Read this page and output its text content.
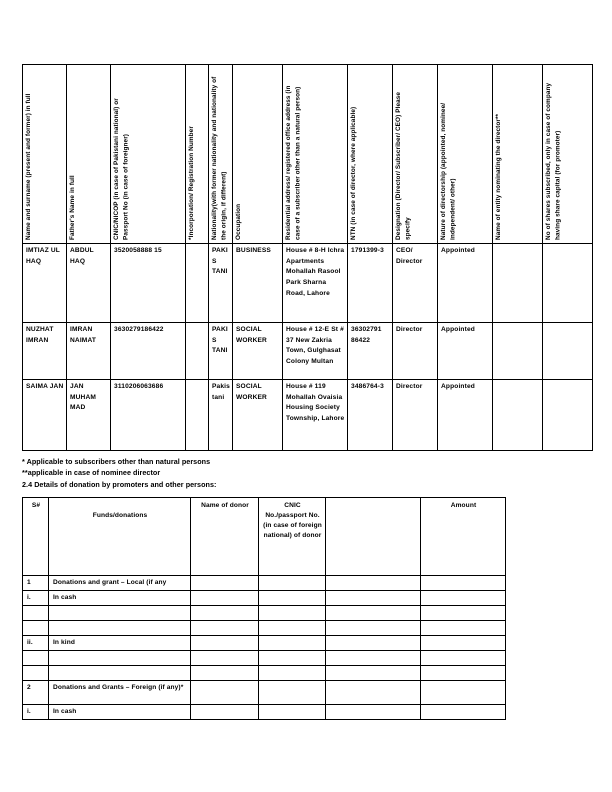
Name and surname (present and former) in full	Father's Name in full	CNIC/NICOP (in case of Pakistani national) or Passport No (in case of foreigner)	*Incorporation/ Registration Number	Nationality(with former nationality and nationality of the origin, if different)	Occupation	Residential address/ registered office address (in case of a subscriber other than a natural person)	NTN (in case of director, where applicable)	Designation (Director/ Subscriber/ CEO) Please specify	Nature of directorship (appointed, nominee/ independent/ other)	Name of entity nominating the director**	No of shares subscribed, only in case of company having share capital (for promoter)

IMTIAZ UL HAQ	ABDUL HAQ	3520058888 15		PAKIS TANI	BUSINESS	House # 8-H Ichra Apartments Mohallah Rasool Park Sharna Road, Lahore	1791399-3	CEO/ Director	Appointed		
NUZHAT IMRAN	IMRAN NAIMAT	3630279186422		PAKIS TANI	SOCIAL WORKER	House # 12-E St # 37 New Zakria Town, Gulghasat Colony Multan	36302791 86422	Director	Appointed		
SAIMA JAN	JAN MUHAM MAD	3110206063686		Pakis tani	SOCIAL WORKER	House # 119 Mohallah Ovaisia Housing Society Township, Lahore	3486764-3	Director	Appointed		
* Applicable to subscribers other than natural persons
**applicable in case of nominee director
2.4 Details of donation by promoters and other persons:
S#	Funds/donations	Name of donor	CNIC No./passport No. (in case of foreign national) of donor		Amount
1	Donations and grant – Local (if any				
i.	In cash				

ii.	In kind				

2	Donations and Grants – Foreign (if any)*				
i.	In cash				
